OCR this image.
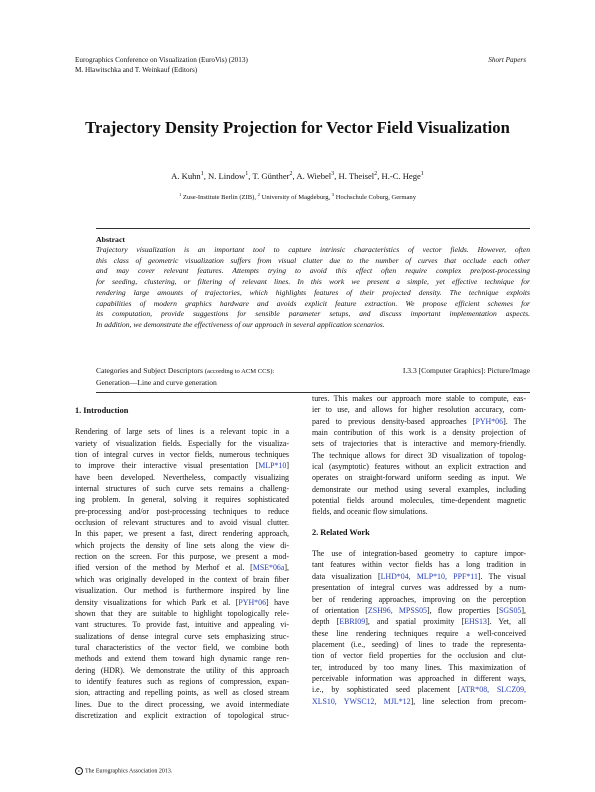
Eurographics Conference on Visualization (EuroVis) (2013)
M. Hlawitschka and T. Weinkauf (Editors)
Short Papers
Trajectory Density Projection for Vector Field Visualization
A. Kuhn$^1$, N. Lindow$^1$, T. Günther$^2$, A. Wiebel$^3$, H. Theisel$^2$, H.-C. Hege$^1$
$^1$ Zuse-Institute Berlin (ZIB), $^2$ University of Magdeburg, $^3$ Hochschule Coburg, Germany
Abstract
Trajectory visualization is an important tool to capture intrinsic characteristics of vector fields. However, often
this class of geometric visualization suffers from visual clutter due to the number of curves that occlude each other
and may cover relevant features. Attempts trying to avoid this effect often require complex pre/post-processing
for seeding, clustering, or filtering of relevant lines. In this work we present a simple, yet effective technique for
rendering large amounts of trajectories, which highlights features of their projected density. The technique exploits
capabilities of modern graphics hardware and avoids explicit feature extraction. We propose efficient schemes for
its computation, provide suggestions for sensible parameter setups, and discuss important implementation aspects.
In addition, we demonstrate the effectiveness of our approach in several application scenarios.
Categories and Subject Descriptors (according to ACM CCS):	I.3.3 [Computer Graphics]: Picture/Image
Generation—Line and curve generation
1. Introduction
Rendering of large sets of lines is a relevant topic in a
variety of visualization fields. Especially for the visualiza-
tion of integral curves in vector fields, numerous techniques
to improve their interactive visual presentation [MLP*10]
have been developed. Nevertheless, compactly visualizing
internal structures of such curve sets remains a challeng-
ing problem. In general, solving it requires sophisticated
pre-processing and/or post-processing techniques to reduce
occlusion of relevant structures and to avoid visual clutter.
In this paper, we present a fast, direct rendering approach,
which projects the density of line sets along the view di-
rection on the screen. For this purpose, we present a mod-
ified version of the method by Merhof et al. [MSE*06a],
which was originally developed in the context of brain fiber
visualization. Our method is furthermore inspired by line
density visualizations for which Park et al. [PYH*06] have
shown that they are suitable to highlight topologically rele-
vant structures. To provide fast, intuitive and appealing vi-
sualizations of dense integral curve sets emphasizing struc-
tural characteristics of the vector field, we combine both
methods and extend them toward high dynamic range ren-
dering (HDR). We demonstrate the utility of this approach
to identify features such as regions of compression, expan-
sion, attracting and repelling points, as well as closed stream
lines. Due to the direct processing, we avoid intermediate
discretization and explicit extraction of topological struc-
tures. This makes our approach more stable to compute, eas-
ier to use, and allows for higher resolution accuracy, com-
pared to previous density-based approaches [PYH*06]. The
main contribution of this work is a density projection of
sets of trajectories that is interactive and memory-friendly.
The technique allows for direct 3D visualization of topolog-
ical (asymptotic) features without an explicit extraction and
operates on straight-forward uniform seeding as input. We
demonstrate our method using several examples, including
potential fields around molecules, time-dependent magnetic
fields, and oceanic flow simulations.
2. Related Work
The use of integration-based geometry to capture impor-
tant features within vector fields has a long tradition in
data visualization [LHD*04, MLP*10, PPF*11]. The visual
presentation of integral curves was addressed by a num-
ber of rendering approaches, improving on the perception
of orientation [ZSH96, MPSS05], flow properties [SGS05],
depth [EBRI09], and spatial proximity [EHS13]. Yet, all
these line rendering techniques require a well-conceived
placement (i.e., seeding) of lines to trade the representa-
tion of vector field properties for the occlusion and clut-
ter, introduced by too many lines. This maximization of
perceivable information was approached in different ways,
i.e., by sophisticated seed placement [ATR*08, SLCZ09,
XLS10, YWSC12, MJL*12], line selection from precom-
c The Eurographics Association 2013.
